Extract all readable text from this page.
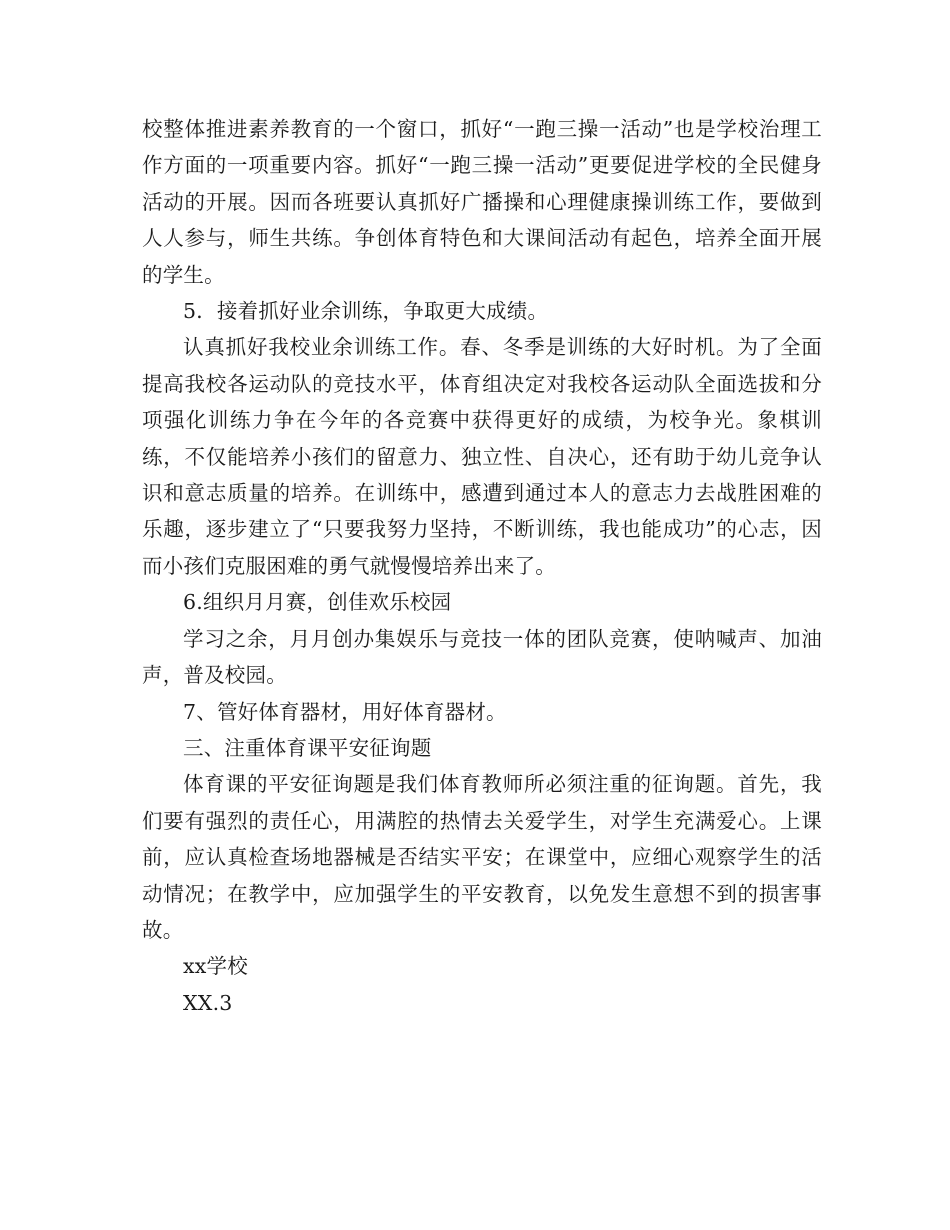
校整体推进素养教育的一个窗口，抓好“一跑三操一活动”也是学校治理工作方面的一项重要内容。抓好“一跑三操一活动”更要促进学校的全民健身活动的开展。因而各班要认真抓好广播操和心理健康操训练工作，要做到人人参与，师生共练。争创体育特色和大课间活动有起色，培养全面开展的学生。

5．接着抓好业余训练，争取更大成绩。

认真抓好我校业余训练工作。春、冬季是训练的大好时机。为了全面提高我校各运动队的竞技水平，体育组决定对我校各运动队全面选拔和分项强化训练力争在今年的各竞赛中获得更好的成绩，为校争光。象棋训练，不仅能培养小孩们的留意力、独立性、自决心，还有助于幼儿竞争认识和意志质量的培养。在训练中，感遭到通过本人的意志力去战胜困难的乐趣，逐步建立了“只要我努力坚持，不断训练，我也能成功”的心志，因而小孩们克服困难的勇气就慢慢培养出来了。

6.组织月月赛，创佳欢乐校园

学习之余，月月创办集娱乐与竞技一体的团队竞赛，使呐喊声、加油声，普及校园。

7、管好体育器材，用好体育器材。

三、注重体育课平安征询题

体育课的平安征询题是我们体育教师所必须注重的征询题。首先，我们要有强烈的责任心，用满腔的热情去关爱学生，对学生充满爱心。上课前，应认真检查场地器械是否结实平安；在课堂中，应细心观察学生的活动情况；在教学中，应加强学生的平安教育，以免发生意想不到的损害事故。

xx学校

XX.3
